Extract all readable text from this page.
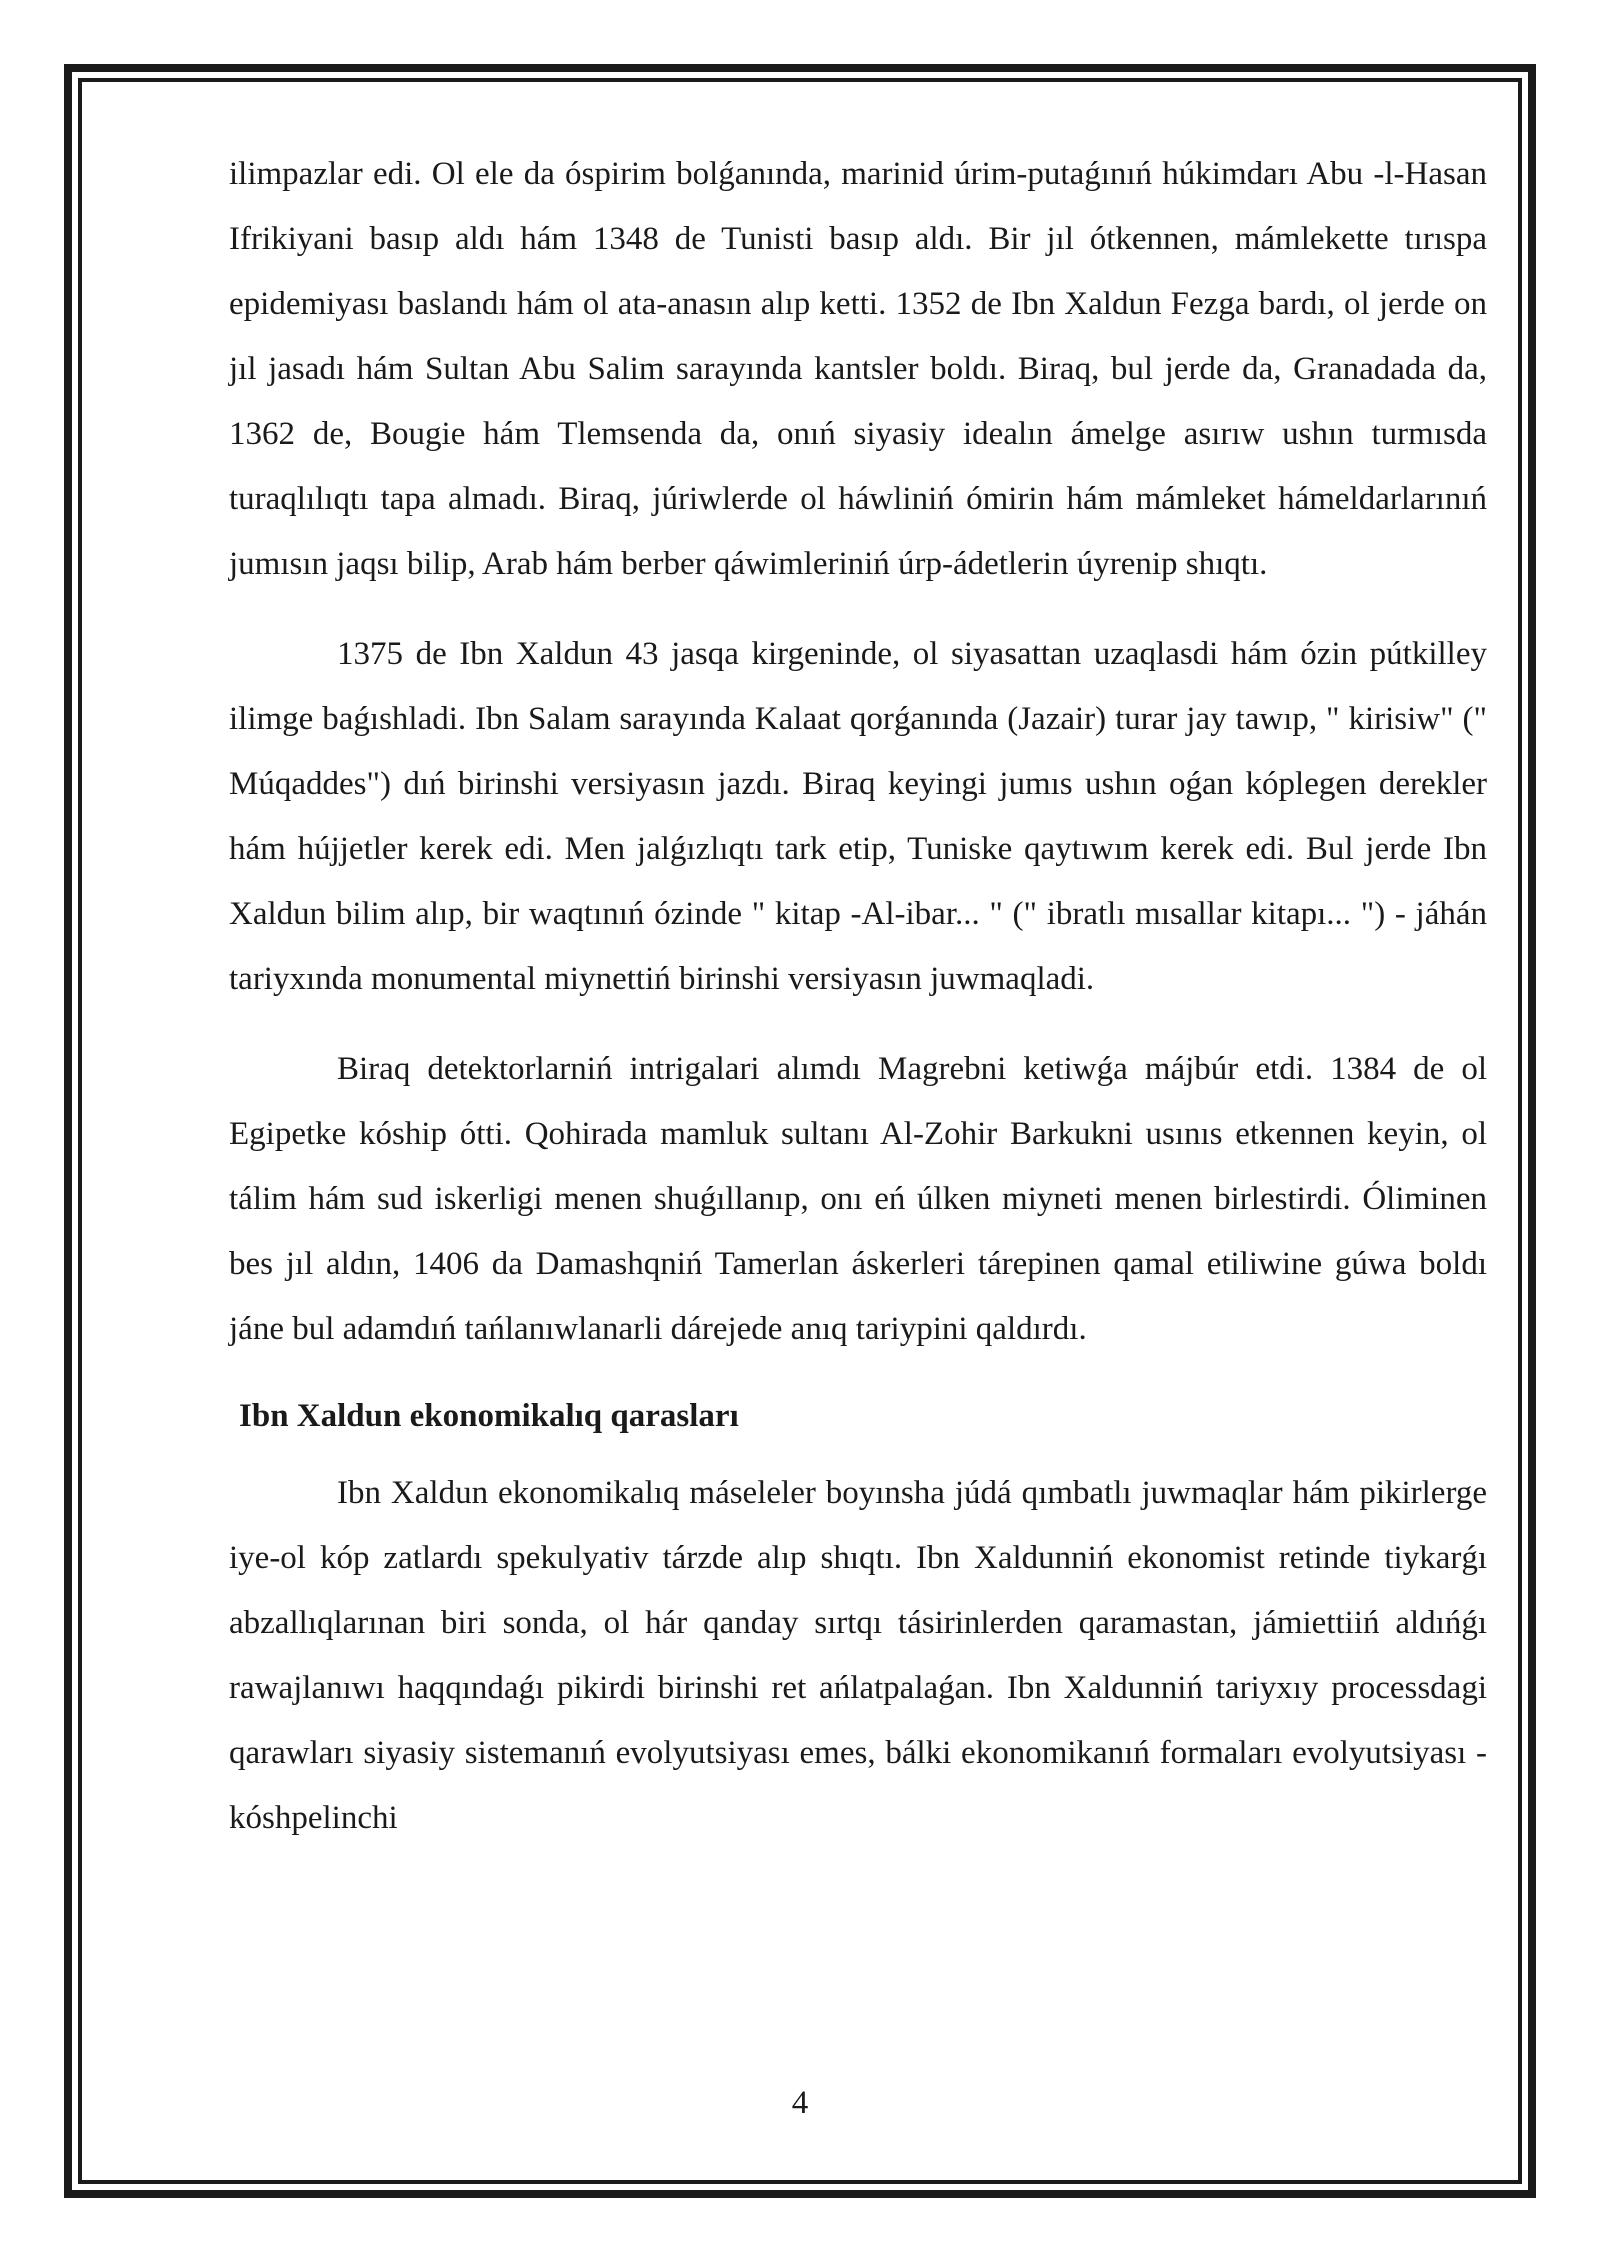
ilimpazlar edi. Ol ele da óspirim bolǵanında, marinid úrim-putaǵınıń húkimdarı Abu -l-Hasan Ifrikiyani basıp aldı hám 1348 de Tunisti basıp aldı. Bir jıl ótkennen, mámlekette tırıspa epidemiyası baslandı hám ol ata-anasın alıp ketti. 1352 de Ibn Xaldun Fezga bardı, ol jerde on jıl jasadı hám Sultan Abu Salim sarayında kantsler boldı. Biraq, bul jerde da, Granadada da, 1362 de, Bougie hám Tlemsenda da, onıń siyasiy idealın ámelge asırıw ushın turmısda turaqlılıqtı tapa almadı. Biraq, júriwlerde ol háwliniń ómirin hám mámleket hámeldarlarınıń jumısın jaqsı bilip, Arab hám berber qáwimleriniń úrp-ádetlerin úyrenip shıqtı.

1375 de Ibn Xaldun 43 jasqa kirgeninde, ol siyasattan uzaqlasdi hám ózin pútkilley ilimge baǵıshladi. Ibn Salam sarayında Kalaat qorǵanında (Jazair) turar jay tawıp, " kirisiw" (" Múqaddes") dıń birinshi versiyasın jazdı. Biraq keyingi jumıs ushın oǵan kóplegen derekler hám hújjetler kerek edi. Men jalǵızlıqtı tark etip, Tuniske qaytıwım kerek edi. Bul jerde Ibn Xaldun bilim alıp, bir waqtınıń ózinde " kitap -Al-ibar... " (" ibratlı mısallar kitapı... ") - jáhán tariyxında monumental miynettiń birinshi versiyasın juwmaqladi.

Biraq detektorlarniń intrigalari alımdı Magrebni ketiwǵa májbúr etdi. 1384 de ol Egipetke kóship ótti. Qohirada mamluk sultanı Al-Zohir Barkukni usınıs etkennen keyin, ol tálim hám sud iskerligi menen shuǵıllanıp, onı eń úlken miyneti menen birlestirdi. Óliminen bes jıl aldın, 1406 da Damashqniń Tamerlan áskerleri tárepinen qamal etiliwine gúwa boldı jáne bul adamdıń tańlanıwlanarli dárejede anıq tariypini qaldırdı.

Ibn Xaldun ekonomikalıq qarasları

Ibn Xaldun ekonomikalıq máseleler boyınsha júdá qımbatlı juwmaqlar hám pikirlerge iye-ol kóp zatlardı spekulyativ tárzde alıp shıqtı. Ibn Xaldunniń ekonomist retinde tiykarǵı abzallıqlarınan biri sonda, ol hár qanday sırtqı tásirinlerden qaramastan, jámiettiiń aldıńǵı rawajlanıwı haqqındaǵı pikirdi birinshi ret ańlatpalaǵan. Ibn Xaldunniń tariyxıy processdagi qarawları siyasiy sistemanıń evolyutsiyası emes, bálki ekonomikanıń formaları evolyutsiyası - kóshpelinchi

4
